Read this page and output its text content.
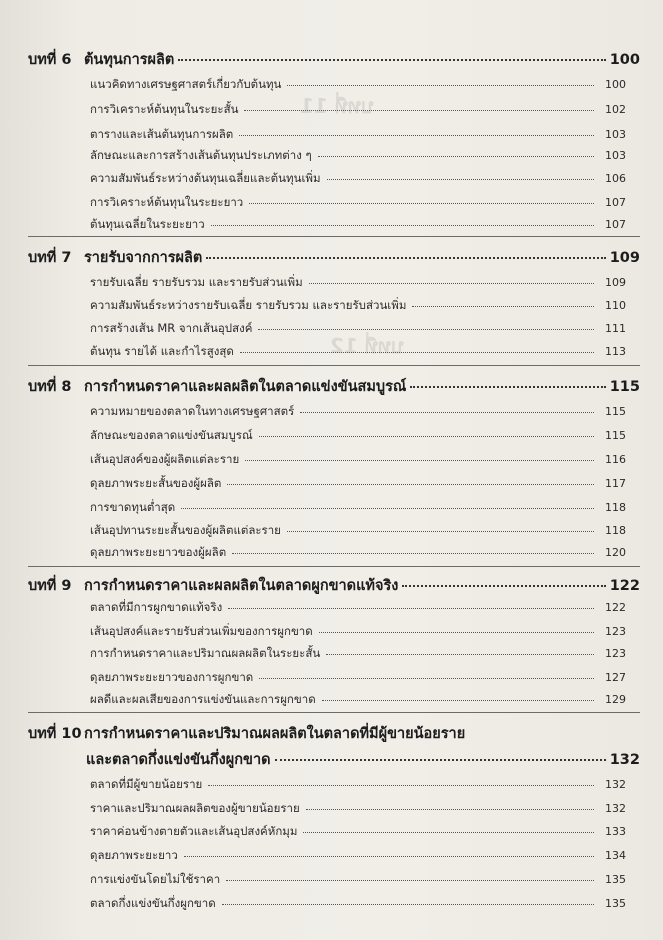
บทที่ 11
บทที่ 12
บทที่ 6 ต้นทุนการผลิต	100
แนวคิดทางเศรษฐศาสตร์เกี่ยวกับต้นทุน	100
การวิเคราะห์ต้นทุนในระยะสั้น	102
ตารางและเส้นต้นทุนการผลิต	103
ลักษณะและการสร้างเส้นต้นทุนประเภทต่าง ๆ	103
ความสัมพันธ์ระหว่างต้นทุนเฉลี่ยและต้นทุนเพิ่ม	106
การวิเคราะห์ต้นทุนในระยะยาว	107
ต้นทุนเฉลี่ยในระยะยาว	107
บทที่ 7 รายรับจากการผลิต	109
รายรับเฉลี่ย รายรับรวม และรายรับส่วนเพิ่ม	109
ความสัมพันธ์ระหว่างรายรับเฉลี่ย รายรับรวม และรายรับส่วนเพิ่ม	110
การสร้างเส้น MR จากเส้นอุปสงค์	111
ต้นทุน รายได้ และกำไรสูงสุด	113
บทที่ 8 การกำหนดราคาและผลผลิตในตลาดแข่งขันสมบูรณ์	115
ความหมายของตลาดในทางเศรษฐศาสตร์	115
ลักษณะของตลาดแข่งขันสมบูรณ์	115
เส้นอุปสงค์ของผู้ผลิตแต่ละราย	116
ดุลยภาพระยะสั้นของผู้ผลิต	117
การขาดทุนต่ำสุด	118
เส้นอุปทานระยะสั้นของผู้ผลิตแต่ละราย	118
ดุลยภาพระยะยาวของผู้ผลิต	120
บทที่ 9 การกำหนดราคาและผลผลิตในตลาดผูกขาดแท้จริง	122
ตลาดที่มีการผูกขาดแท้จริง	122
เส้นอุปสงค์และรายรับส่วนเพิ่มของการผูกขาด	123
การกำหนดราคาและปริมาณผลผลิตในระยะสั้น	123
ดุลยภาพระยะยาวของการผูกขาด	127
ผลดีและผลเสียของการแข่งขันและการผูกขาด	129
บทที่ 10 การกำหนดราคาและปริมาณผลผลิตในตลาดที่มีผู้ขายน้อยราย
และตลาดกึ่งแข่งขันกึ่งผูกขาด	132
ตลาดที่มีผู้ขายน้อยราย	132
ราคาและปริมาณผลผลิตของผู้ขายน้อยราย	132
ราคาค่อนข้างตายตัวและเส้นอุปสงค์หักมุม	133
ดุลยภาพระยะยาว	134
การแข่งขันโดยไม่ใช้ราคา	135
ตลาดกึ่งแข่งขันกึ่งผูกขาด	135
